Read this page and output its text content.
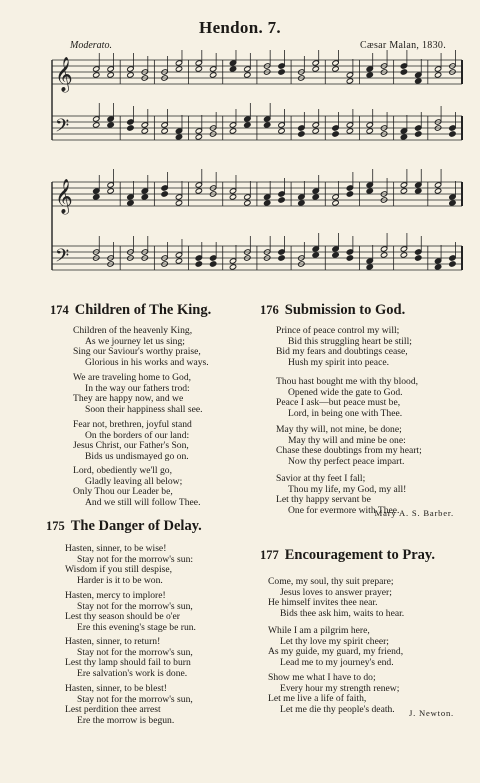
Hendon. 7.
Moderato.	Cæsar Malan, 1830.
𝄞
𝄢
𝄞
𝄢
174 Children of The King.
Children of the heavenly King,
As we journey let us sing;
Sing our Saviour's worthy praise,
Glorious in his works and ways.
We are traveling home to God,
In the way our fathers trod:
They are happy now, and we
Soon their happiness shall see.
Fear not, brethren, joyful stand
On the borders of our land:
Jesus Christ, our Father's Son,
Bids us undismayed go on.
Lord, obediently we'll go,
Gladly leaving all below;
Only Thou our Leader be,
And we still will follow Thee.
175 The Danger of Delay.
Hasten, sinner, to be wise!
Stay not for the morrow's sun:
Wisdom if you still despise,
Harder is it to be won.
Hasten, mercy to implore!
Stay not for the morrow's sun,
Lest thy season should be o'er
Ere this evening's stage be run.
Hasten, sinner, to return!
Stay not for the morrow's sun,
Lest thy lamp should fail to burn
Ere salvation's work is done.
Hasten, sinner, to be blest!
Stay not for the morrow's sun,
Lest perdition thee arrest
Ere the morrow is begun.
176 Submission to God.
Prince of peace control my will;
Bid this struggling heart be still;
Bid my fears and doubtings cease,
Hush my spirit into peace.
Thou hast bought me with thy blood,
Opened wide the gate to God.
Peace I ask—but peace must be,
Lord, in being one with Thee.
May thy will, not mine, be done;
May thy will and mine be one:
Chase these doubtings from my heart;
Now thy perfect peace impart.
Savior at thy feet I fall;
Thou my life, my God, my all!
Let thy happy servant be
One for evermore with Thee.
Mary A. S. Barber.
177 Encouragement to Pray.
Come, my soul, thy suit prepare;
Jesus loves to answer prayer;
He himself invites thee near.
Bids thee ask him, waits to hear.
While I am a pilgrim here,
Let thy love my spirit cheer;
As my guide, my guard, my friend,
Lead me to my journey's end.
Show me what I have to do;
Every hour my strength renew;
Let me live a life of faith,
Let me die thy people's death.	J. Newton.
